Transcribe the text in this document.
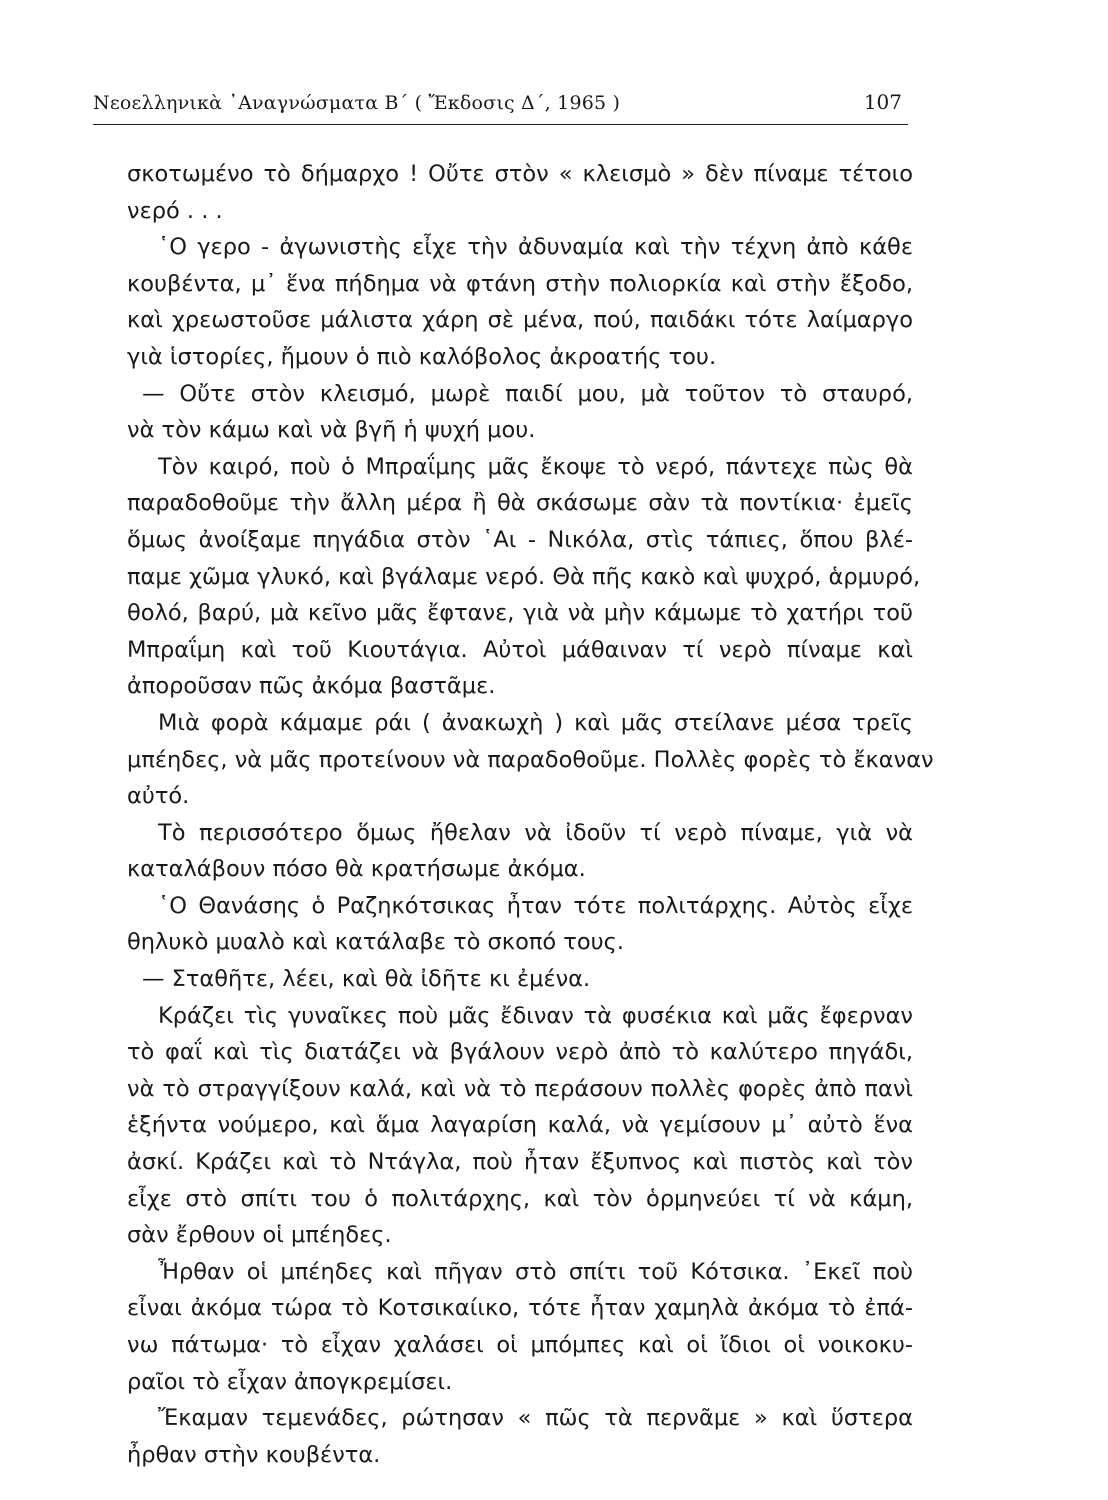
Νεοελληνικὰ ᾿Αναγνώσματα Β΄ ( Ἔκδοσις Δ΄, 1965 )	107
σκοτωμένο τὸ δήμαρχο ! Οὔτε στὸν « κλεισμὸ » δὲν πίναμε τέτοιο
νερό . . .
῾Ο γερο - ἀγωνιστὴς εἶχε τὴν ἀδυναμία καὶ τὴν τέχνη ἀπὸ κάθε
κουβέντα, μ᾿ ἕνα πήδημα νὰ φτάνη στὴν πολιορκία καὶ στὴν ἔξοδο,
καὶ χρεωστοῦσε μάλιστα χάρη σὲ μένα, πού, παιδάκι τότε λαίμαργο
γιὰ ἱστορίες, ἤμουν ὁ πιὸ καλόβολος ἀκροατής του.
— Οὔτε στὸν κλεισμό, μωρὲ παιδί μου, μὰ τοῦτον τὸ σταυρό,
νὰ τὸν κάμω καὶ νὰ βγῆ ἡ ψυχή μου.
Τὸν καιρό, ποὺ ὁ Μπραΐμης μᾶς ἔκοψε τὸ νερό, πάντεχε πὼς θὰ
παραδοθοῦμε τὴν ἄλλη μέρα ἢ θὰ σκάσωμε σὰν τὰ ποντίκια· ἐμεῖς
ὅμως ἀνοίξαμε πηγάδια στὸν ῾Αι - Νικόλα, στὶς τάπιες, ὅπου βλέ-
παμε χῶμα γλυκό, καὶ βγάλαμε νερό. Θὰ πῆς κακὸ καὶ ψυχρό, ἁρμυρό,
θολό, βαρύ, μὰ κεῖνο μᾶς ἔφτανε, γιὰ νὰ μὴν κάμωμε τὸ χατήρι τοῦ
Μπραΐμη καὶ τοῦ Κιουτάγια. Αὐτοὶ μάθαιναν τί νερὸ πίναμε καὶ
ἀποροῦσαν πῶς ἀκόμα βαστᾶμε.
Μιὰ φορὰ κάμαμε ράι ( ἀνακωχὴ ) καὶ μᾶς στείλανε μέσα τρεῖς
μπέηδες, νὰ μᾶς προτείνουν νὰ παραδοθοῦμε. Πολλὲς φορὲς τὸ ἔκαναν
αὐτό.
Τὸ περισσότερο ὅμως ἤθελαν νὰ ἰδοῦν τί νερὸ πίναμε, γιὰ νὰ
καταλάβουν πόσο θὰ κρατήσωμε ἀκόμα.
῾Ο Θανάσης ὁ Ραζηκότσικας ἦταν τότε πολιτάρχης. Αὐτὸς εἶχε
θηλυκὸ μυαλὸ καὶ κατάλαβε τὸ σκοπό τους.
— Σταθῆτε, λέει, καὶ θὰ ἰδῆτε κι ἐμένα.
Κράζει τὶς γυναῖκες ποὺ μᾶς ἔδιναν τὰ φυσέκια καὶ μᾶς ἔφερναν
τὸ φαΐ καὶ τὶς διατάζει νὰ βγάλουν νερὸ ἀπὸ τὸ καλύτερο πηγάδι,
νὰ τὸ στραγγίξουν καλά, καὶ νὰ τὸ περάσουν πολλὲς φορὲς ἀπὸ πανὶ
ἑξήντα νούμερο, καὶ ἅμα λαγαρίση καλά, νὰ γεμίσουν μ᾿ αὐτὸ ἕνα
ἀσκί. Κράζει καὶ τὸ Ντάγλα, ποὺ ἦταν ἔξυπνος καὶ πιστὸς καὶ τὸν
εἶχε στὸ σπίτι του ὁ πολιτάρχης, καὶ τὸν ὁρμηνεύει τί νὰ κάμη,
σὰν ἔρθουν οἱ μπέηδες.
Ἦρθαν οἱ μπέηδες καὶ πῆγαν στὸ σπίτι τοῦ Κότσικα. ᾿Εκεῖ ποὺ
εἶναι ἀκόμα τώρα τὸ Κοτσικαίικο, τότε ἦταν χαμηλὰ ἀκόμα τὸ ἐπά-
νω πάτωμα· τὸ εἶχαν χαλάσει οἱ μπόμπες καὶ οἱ ἴδιοι οἱ νοικοκυ-
ραῖοι τὸ εἶχαν ἀπογκρεμίσει.
Ἔκαμαν τεμενάδες, ρώτησαν « πῶς τὰ περνᾶμε » καὶ ὕστερα
ἦρθαν στὴν κουβέντα.
